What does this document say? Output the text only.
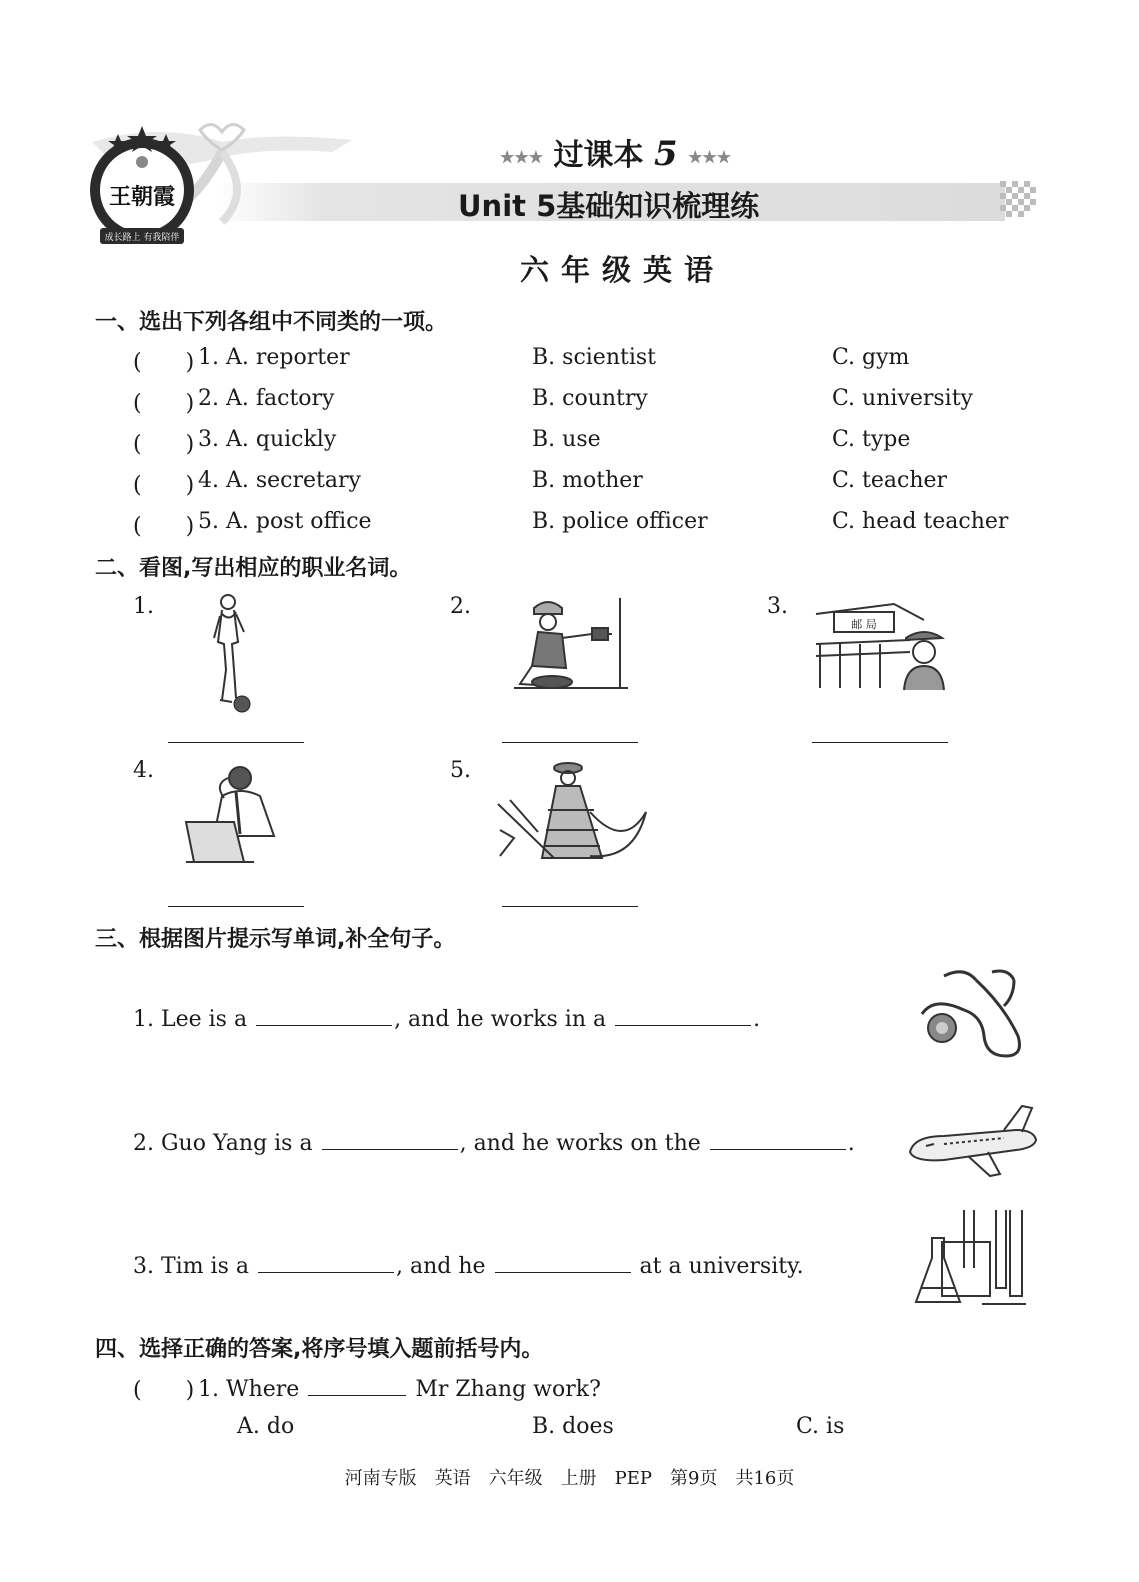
王朝霞
成长路上 有我陪伴
★★★ 过课本 5 ★★★
Unit 5基础知识梳理练
六年级英语
一、选出下列各组中不同类的一项。
(　　) 1. A. reporter	B. scientist	C. gym
(　　) 2. A. factory	B. country	C. university
(　　) 3. A. quickly	B. use	C. type
(　　) 4. A. secretary	B. mother	C. teacher
(　　) 5. A. post office	B. police officer	C. head teacher
二、看图,写出相应的职业名词。
1.	2.	3.
邮 局
4.	5.
三、根据图片提示写单词,补全句子。
1. Lee is a	, and he works in a	.
2. Guo Yang is a	, and he works on the	.
3. Tim is a	, and he	at a university.
四、选择正确的答案,将序号填入题前括号内。
(　　) 1. Where	Mr Zhang work?
A. do	B. does	C. is
河南专版　英语　六年级　上册　PEP　第9页　共16页
